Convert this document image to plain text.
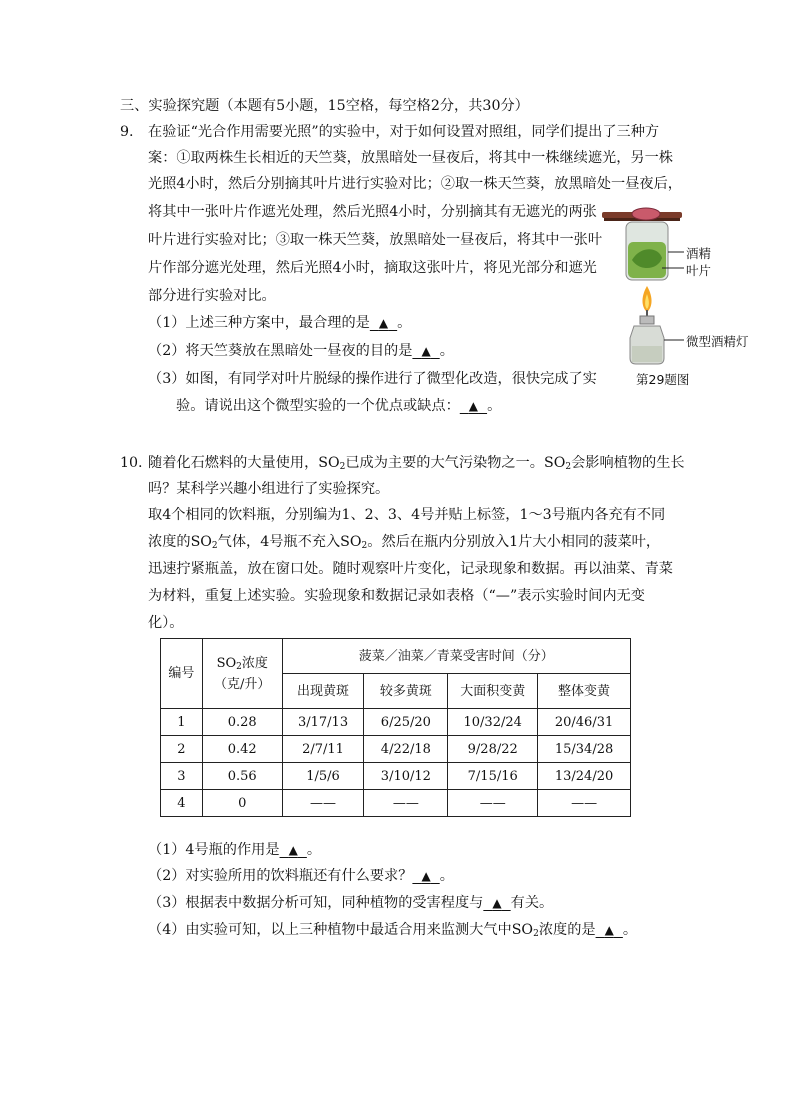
三、实验探究题（本题有5小题，15空格，每空格2分，共30分）
9. 在验证“光合作用需要光照”的实验中，对于如何设置对照组，同学们提出了三种方
案：①取两株生长相近的天竺葵，放黑暗处一昼夜后，将其中一株继续遮光，另一株
光照4小时，然后分别摘其叶片进行实验对比；②取一株天竺葵，放黑暗处一昼夜后，
将其中一张叶片作遮光处理，然后光照4小时，分别摘其有无遮光的两张
叶片进行实验对比；③取一株天竺葵，放黑暗处一昼夜后，将其中一张叶
片作部分遮光处理，然后光照4小时，摘取这张叶片，将见光部分和遮光
部分进行实验对比。
（1）上述三种方案中，最合理的是 ▲ 。
（2）将天竺葵放在黑暗处一昼夜的目的是 ▲ 。
（3）如图，有同学对叶片脱绿的操作进行了微型化改造，很快完成了实
验。请说出这个微型实验的一个优点或缺点： ▲ 。
酒精
叶片
微型酒精灯
第29题图
10. 随着化石燃料的大量使用，$SO_2$已成为主要的大气污染物之一。$SO_2$会影响植物的生长
吗？某科学兴趣小组进行了实验探究。
取4个相同的饮料瓶，分别编为1、2、3、4号并贴上标签，1～3号瓶内各充有不同
浓度的$SO_2$气体，4号瓶不充入$SO_2$。然后在瓶内分别放入1片大小相同的菠菜叶，
迅速拧紧瓶盖，放在窗口处。随时观察叶片变化，记录现象和数据。再以油菜、青菜
为材料，重复上述实验。实验现象和数据记录如表格（“—”表示实验时间内无变
化）。
编号	$SO_2$浓度
（克/升）	菠菜／油菜／青菜受害时间（分）			
		出现黄斑	较多黄斑	大面积变黄	整体变黄
1	0.28	3/17/13	6/25/20	10/32/24	20/46/31
2	0.42	2/7/11	4/22/18	9/28/22	15/34/28
3	0.56	1/5/6	3/10/12	7/15/16	13/24/20
4	0	——	——	——	——
（1）4号瓶的作用是 ▲ 。
（2）对实验所用的饮料瓶还有什么要求？ ▲ 。
（3）根据表中数据分析可知，同种植物的受害程度与 ▲ 有关。
（4）由实验可知，以上三种植物中最适合用来监测大气中$SO_2$浓度的是 ▲ 。
